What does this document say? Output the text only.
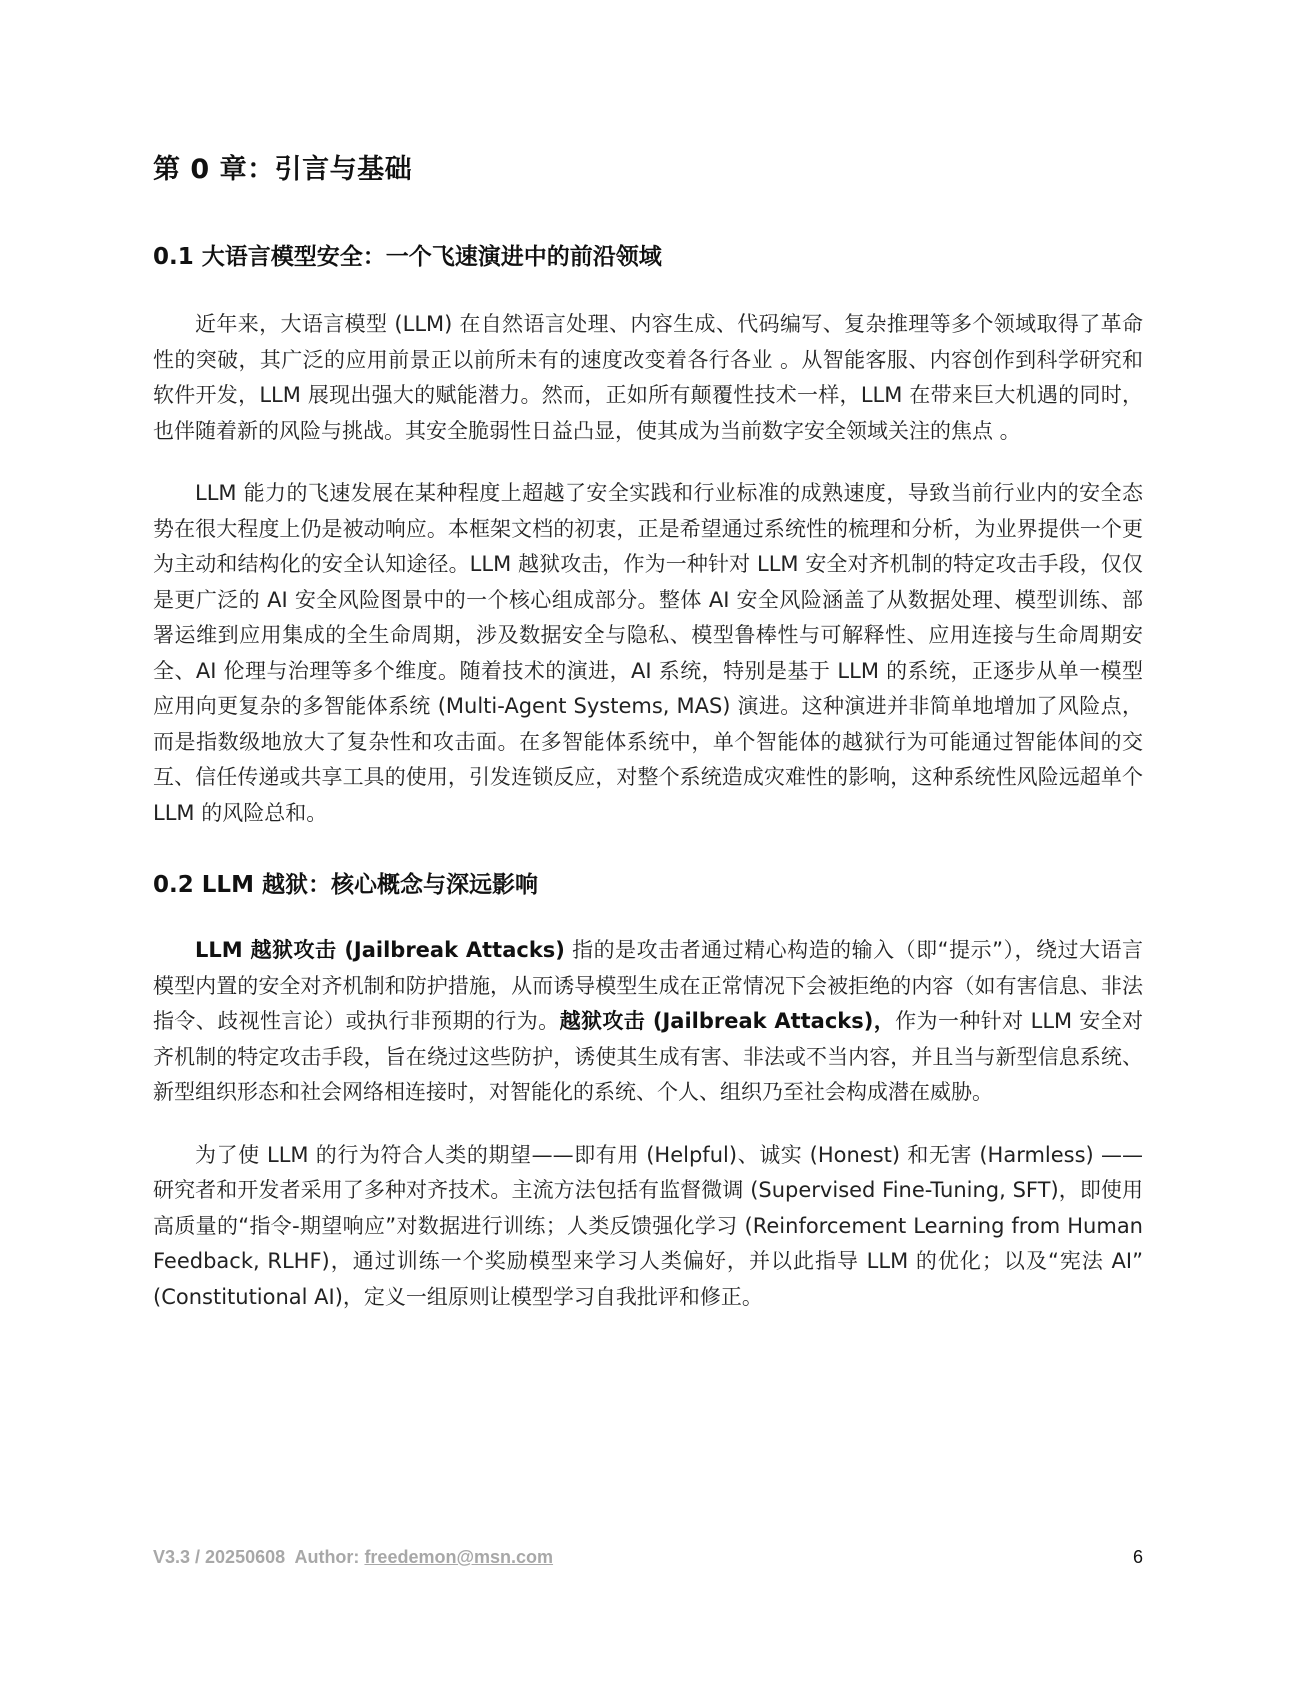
第 0 章：引言与基础
0.1 大语言模型安全：一个飞速演进中的前沿领域

近年来，大语言模型 (LLM) 在自然语言处理、内容生成、代码编写、复杂推理等多个领域取得了革命性的突破，其广泛的应用前景正以前所未有的速度改变着各行各业 。从智能客服、内容创作到科学研究和软件开发，LLM 展现出强大的赋能潜力。然而，正如所有颠覆性技术一样，LLM 在带来巨大机遇的同时，也伴随着新的风险与挑战。其安全脆弱性日益凸显，使其成为当前数字安全领域关注的焦点 。

LLM 能力的飞速发展在某种程度上超越了安全实践和行业标准的成熟速度，导致当前行业内的安全态势在很大程度上仍是被动响应。本框架文档的初衷，正是希望通过系统性的梳理和分析，为业界提供一个更为主动和结构化的安全认知途径。LLM 越狱攻击，作为一种针对 LLM 安全对齐机制的特定攻击手段，仅仅是更广泛的 AI 安全风险图景中的一个核心组成部分。整体 AI 安全风险涵盖了从数据处理、模型训练、部署运维到应用集成的全生命周期，涉及数据安全与隐私、模型鲁棒性与可解释性、应用连接与生命周期安全、AI 伦理与治理等多个维度。随着技术的演进，AI 系统，特别是基于 LLM 的系统，正逐步从单一模型应用向更复杂的多智能体系统 (Multi-Agent Systems, MAS) 演进。这种演进并非简单地增加了风险点，而是指数级地放大了复杂性和攻击面。在多智能体系统中，单个智能体的越狱行为可能通过智能体间的交互、信任传递或共享工具的使用，引发连锁反应，对整个系统造成灾难性的影响，这种系统性风险远超单个 LLM 的风险总和。

0.2 LLM 越狱：核心概念与深远影响

LLM 越狱攻击 (Jailbreak Attacks) 指的是攻击者通过精心构造的输入（即“提示”），绕过大语言模型内置的安全对齐机制和防护措施，从而诱导模型生成在正常情况下会被拒绝的内容（如有害信息、非法指令、歧视性言论）或执行非预期的行为。越狱攻击 (Jailbreak Attacks)，作为一种针对 LLM 安全对齐机制的特定攻击手段，旨在绕过这些防护，诱使其生成有害、非法或不当内容，并且当与新型信息系统、新型组织形态和社会网络相连接时，对智能化的系统、个人、组织乃至社会构成潜在威胁。

为了使 LLM 的行为符合人类的期望——即有用 (Helpful)、诚实 (Honest) 和无害 (Harmless) ——研究者和开发者采用了多种对齐技术。主流方法包括有监督微调 (Supervised Fine-Tuning, SFT)，即使用高质量的“指令-期望响应”对数据进行训练；人类反馈强化学习 (Reinforcement Learning from Human Feedback, RLHF)，通过训练一个奖励模型来学习人类偏好，并以此指导 LLM 的优化；以及“宪法 AI” (Constitutional AI)，定义一组原则让模型学习自我批评和修正。

V3.3 / 20250608  Author: freedemon@msn.com	6
